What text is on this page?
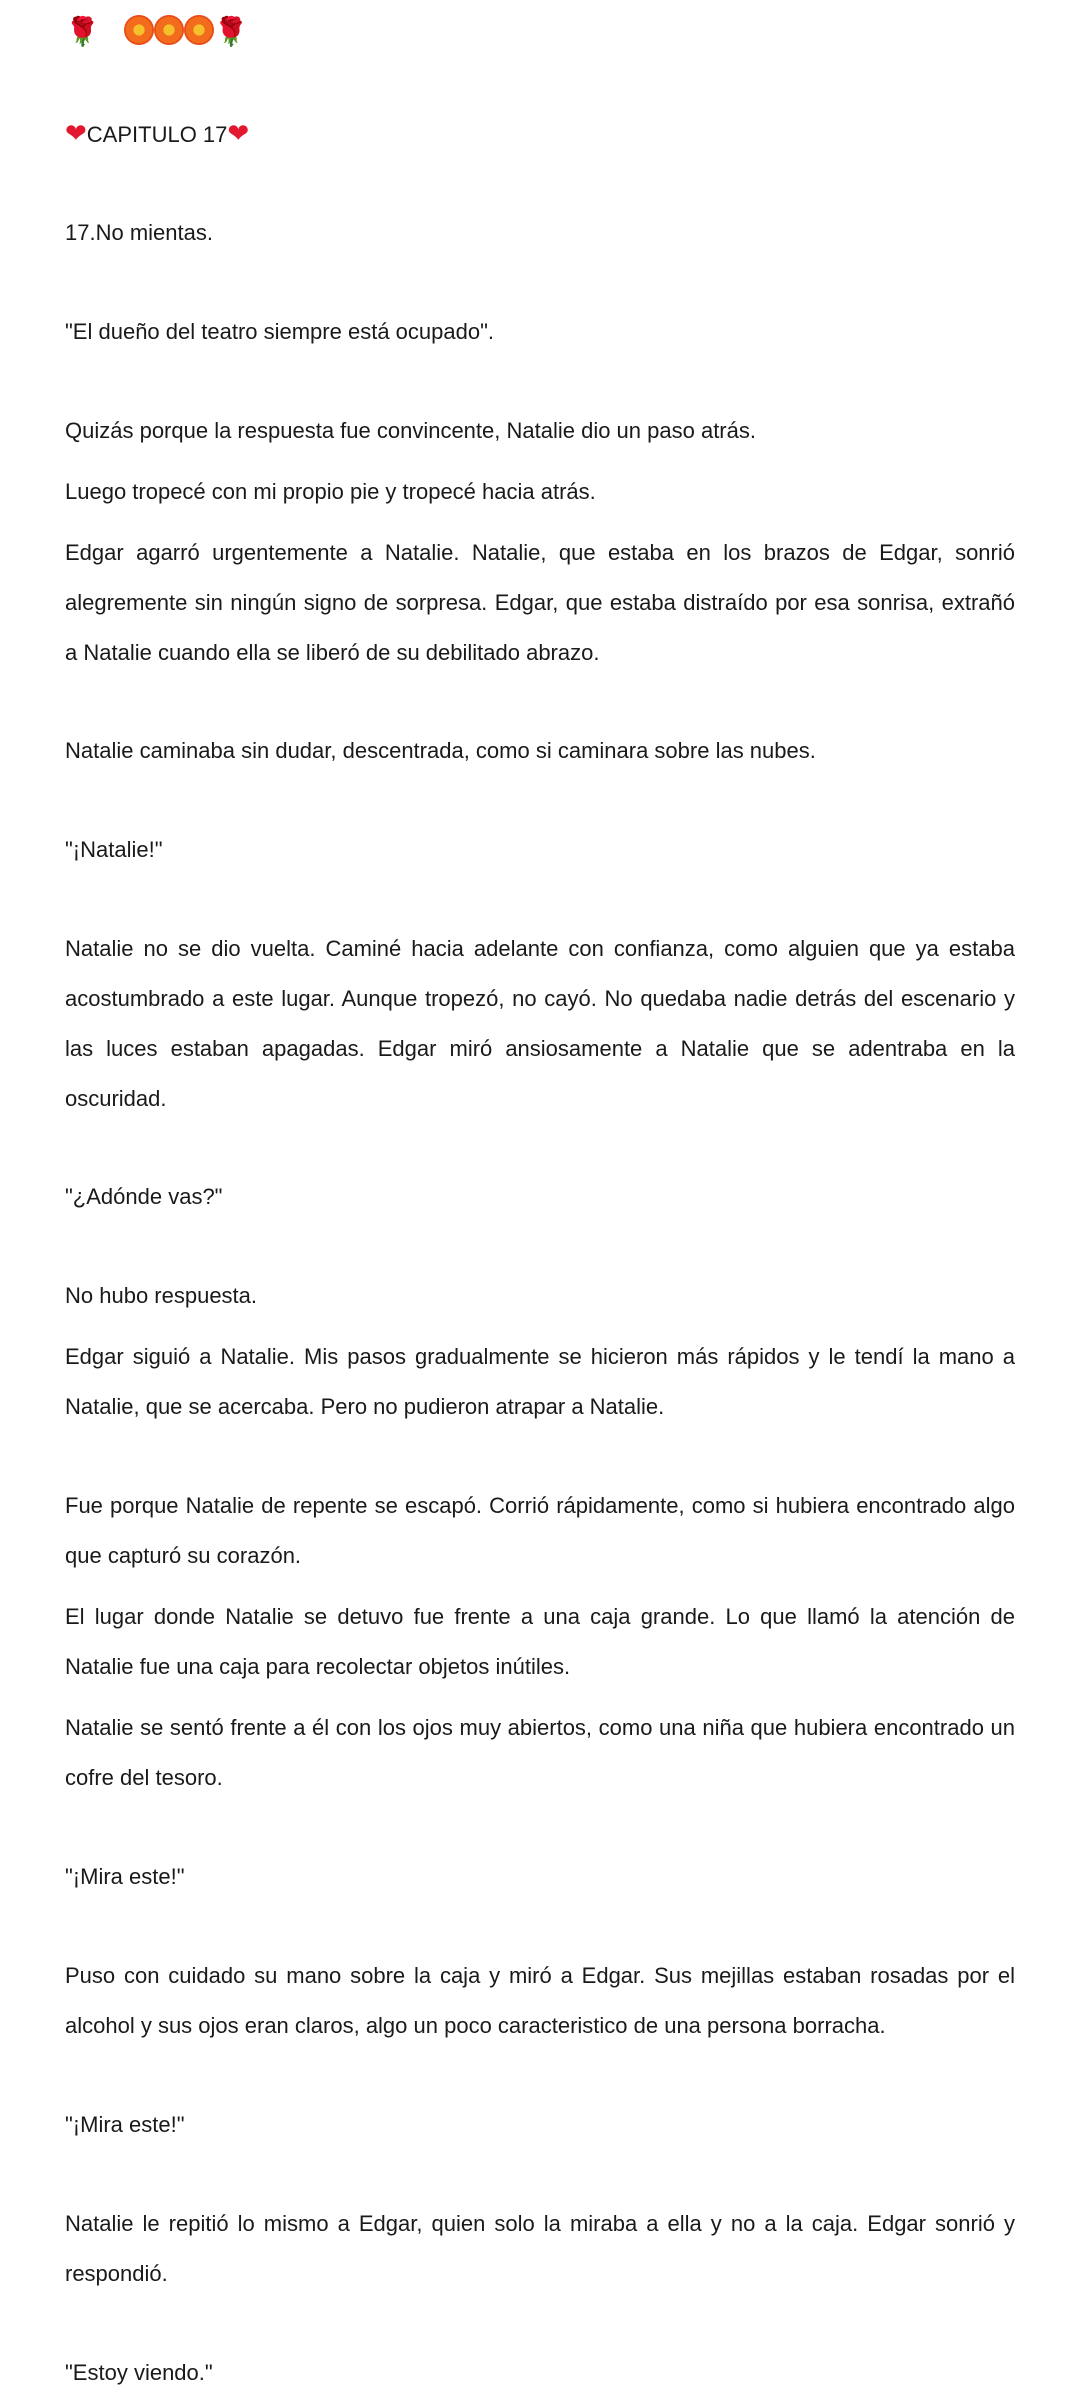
🌹	🌹
❤CAPITULO 17❤

17.No mientas.

"El dueño del teatro siempre está ocupado".

Quizás porque la respuesta fue convincente, Natalie dio un paso atrás.

Luego tropecé con mi propio pie y tropecé hacia atrás.

Edgar agarró urgentemente a Natalie. Natalie, que estaba en los brazos de Edgar, sonrió alegremente sin ningún signo de sorpresa. Edgar, que estaba distraído por esa sonrisa, extrañó a Natalie cuando ella se liberó de su debilitado abrazo.

Natalie caminaba sin dudar, descentrada, como si caminara sobre las nubes.

"¡Natalie!"

Natalie no se dio vuelta. Caminé hacia adelante con confianza, como alguien que ya estaba acostumbrado a este lugar. Aunque tropezó, no cayó. No quedaba nadie detrás del escenario y las luces estaban apagadas. Edgar miró ansiosamente a Natalie que se adentraba en la oscuridad.

"¿Adónde vas?"

No hubo respuesta.

Edgar siguió a Natalie. Mis pasos gradualmente se hicieron más rápidos y le tendí la mano a Natalie, que se acercaba. Pero no pudieron atrapar a Natalie.

Fue porque Natalie de repente se escapó. Corrió rápidamente, como si hubiera encontrado algo que capturó su corazón.

El lugar donde Natalie se detuvo fue frente a una caja grande. Lo que llamó la atención de Natalie fue una caja para recolectar objetos inútiles.

Natalie se sentó frente a él con los ojos muy abiertos, como una niña que hubiera encontrado un cofre del tesoro.

"¡Mira este!"

Puso con cuidado su mano sobre la caja y miró a Edgar. Sus mejillas estaban rosadas por el alcohol y sus ojos eran claros, algo un poco caracteristico de una persona borracha.

"¡Mira este!"

Natalie le repitió lo mismo a Edgar, quien solo la miraba a ella y no a la caja. Edgar sonrió y respondió.

"Estoy viendo."
